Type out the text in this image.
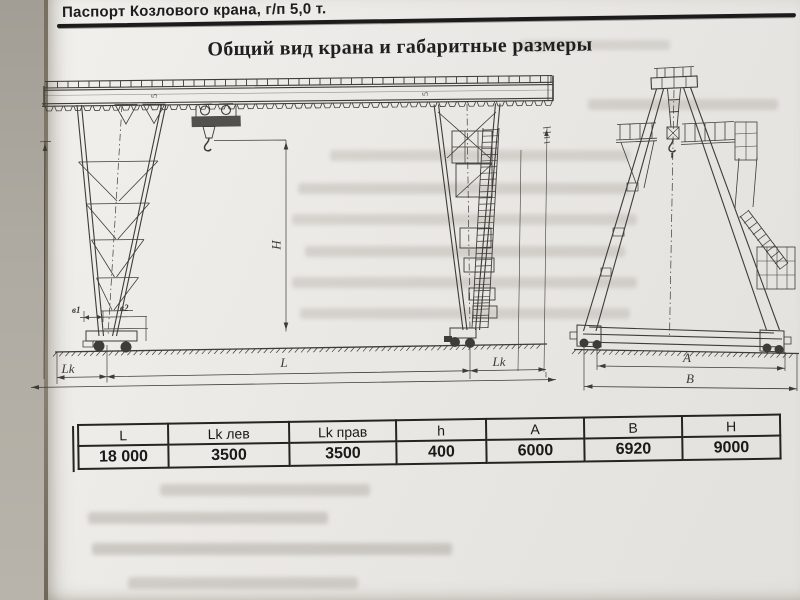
Паспорт Козлового крана, г/п 5,0 т.
Общий вид крана и габаритные размеры
H
L
Lk	Lk	A
B
в1	в2
5	5
L	Lk лев	Lk прав	h	A	B	H
18 000	3500	3500	400	6000	6920	9000
